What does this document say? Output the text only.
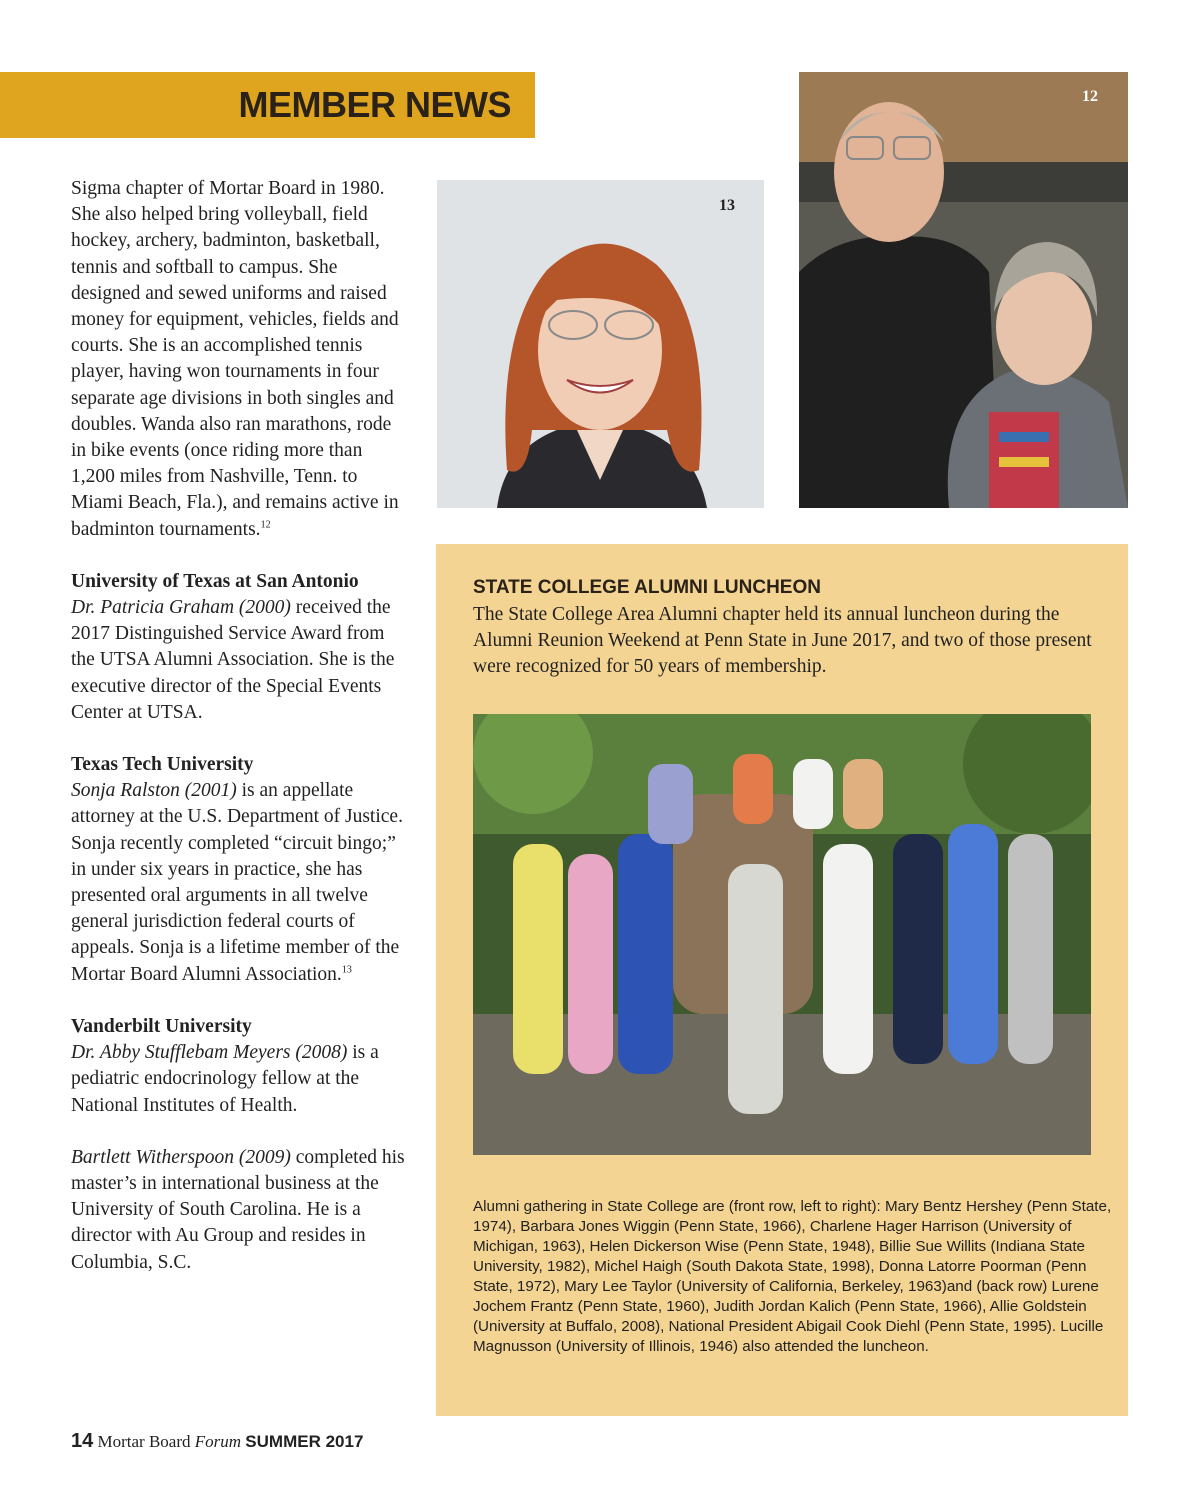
MEMBER NEWS

Sigma chapter of Mortar Board in 1980. She also helped bring volleyball, field hockey, archery, badminton, basketball, tennis and softball to campus. She designed and sewed uniforms and raised money for equipment, vehicles, fields and courts. She is an accomplished tennis player, having won tournaments in four separate age divisions in both singles and doubles. Wanda also ran marathons, rode in bike events (once riding more than 1,200 miles from Nashville, Tenn. to Miami Beach, Fla.), and remains active in badminton tournaments.$^{12}$

University of Texas at San Antonio
Dr. Patricia Graham (2000) received the 2017 Distinguished Service Award from the UTSA Alumni Association. She is the executive director of the Special Events Center at UTSA.

Texas Tech University
Sonja Ralston (2001) is an appellate attorney at the U.S. Department of Justice. Sonja recently completed “circuit bingo;” in under six years in practice, she has presented oral arguments in all twelve general jurisdiction federal courts of appeals. Sonja is a lifetime member of the Mortar Board Alumni Association.$^{13}$

Vanderbilt University
Dr. Abby Stufflebam Meyers (2008) is a pediatric endocrinology fellow at the National Institutes of Health.

Bartlett Witherspoon (2009) completed his master’s in international business at the University of South Carolina. He is a director with Au Group and resides in Columbia, S.C.

13
12
STATE COLLEGE ALUMNI LUNCHEON

The State College Area Alumni chapter held its annual luncheon during the Alumni Reunion Weekend at Penn State in June 2017, and two of those present were recognized for 50 years of membership.

Alumni gathering in State College are (front row, left to right): Mary Bentz Hershey (Penn State, 1974), Barbara Jones Wiggin (Penn State, 1966), Charlene Hager Harrison (University of Michigan, 1963), Helen Dickerson Wise (Penn State, 1948), Billie Sue Willits (Indiana State University, 1982), Michel Haigh (South Dakota State, 1998), Donna Latorre Poorman (Penn State, 1972), Mary Lee Taylor (University of California, Berkeley, 1963)and (back row) Lurene Jochem Frantz (Penn State, 1960), Judith Jordan Kalich (Penn State, 1966), Allie Goldstein (University at Buffalo, 2008), National President Abigail Cook Diehl (Penn State, 1995). Lucille Magnusson (University of Illinois, 1946) also attended the luncheon.

14 Mortar Board Forum SUMMER 2017
